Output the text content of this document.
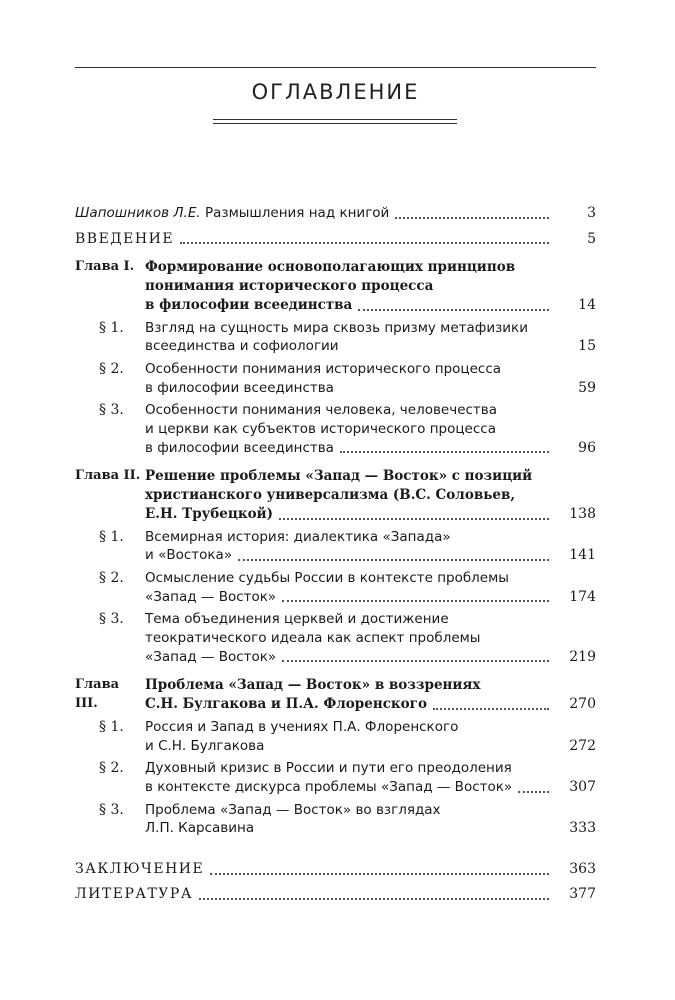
ОГЛАВЛЕНИЕ
Шапошников Л.Е. Размышления над книгой	3
ВВЕДЕНИЕ	5
Глава I. Формирование основополагающих принципов
понимания исторического процесса
в философии всеединства	14
§ 1.	Взгляд на сущность мира сквозь призму метафизики
всеединства и софиологии	15
§ 2.	Особенности понимания исторического процесса
в философии всеединства	59
§ 3.	Особенности понимания человека, человечества
и церкви как субъектов исторического процесса
в философии всеединства	96
Глава II. Решение проблемы «Запад — Восток» с позиций
христианского универсализма (В.С. Соловьев,
Е.Н. Трубецкой)	138
§ 1.	Всемирная история: диалектика «Запада»
и «Востока»	141
§ 2.	Осмысление судьбы России в контексте проблемы
«Запад — Восток»	174
§ 3.	Тема объединения церквей и достижение
теократического идеала как аспект проблемы
«Запад — Восток»	219
Глава III.
Проблема «Запад — Восток» в воззрениях
С.Н. Булгакова и П.А. Флоренского	270
§ 1.	Россия и Запад в учениях П.А. Флоренского
и С.Н. Булгакова	272
§ 2.	Духовный кризис в России и пути его преодоления
в контексте дискурса проблемы «Запад — Восток»	307
§ 3.	Проблема «Запад — Восток» во взглядах
Л.П. Карсавина	333
ЗАКЛЮЧЕНИЕ	363
ЛИТЕРАТУРА	377
